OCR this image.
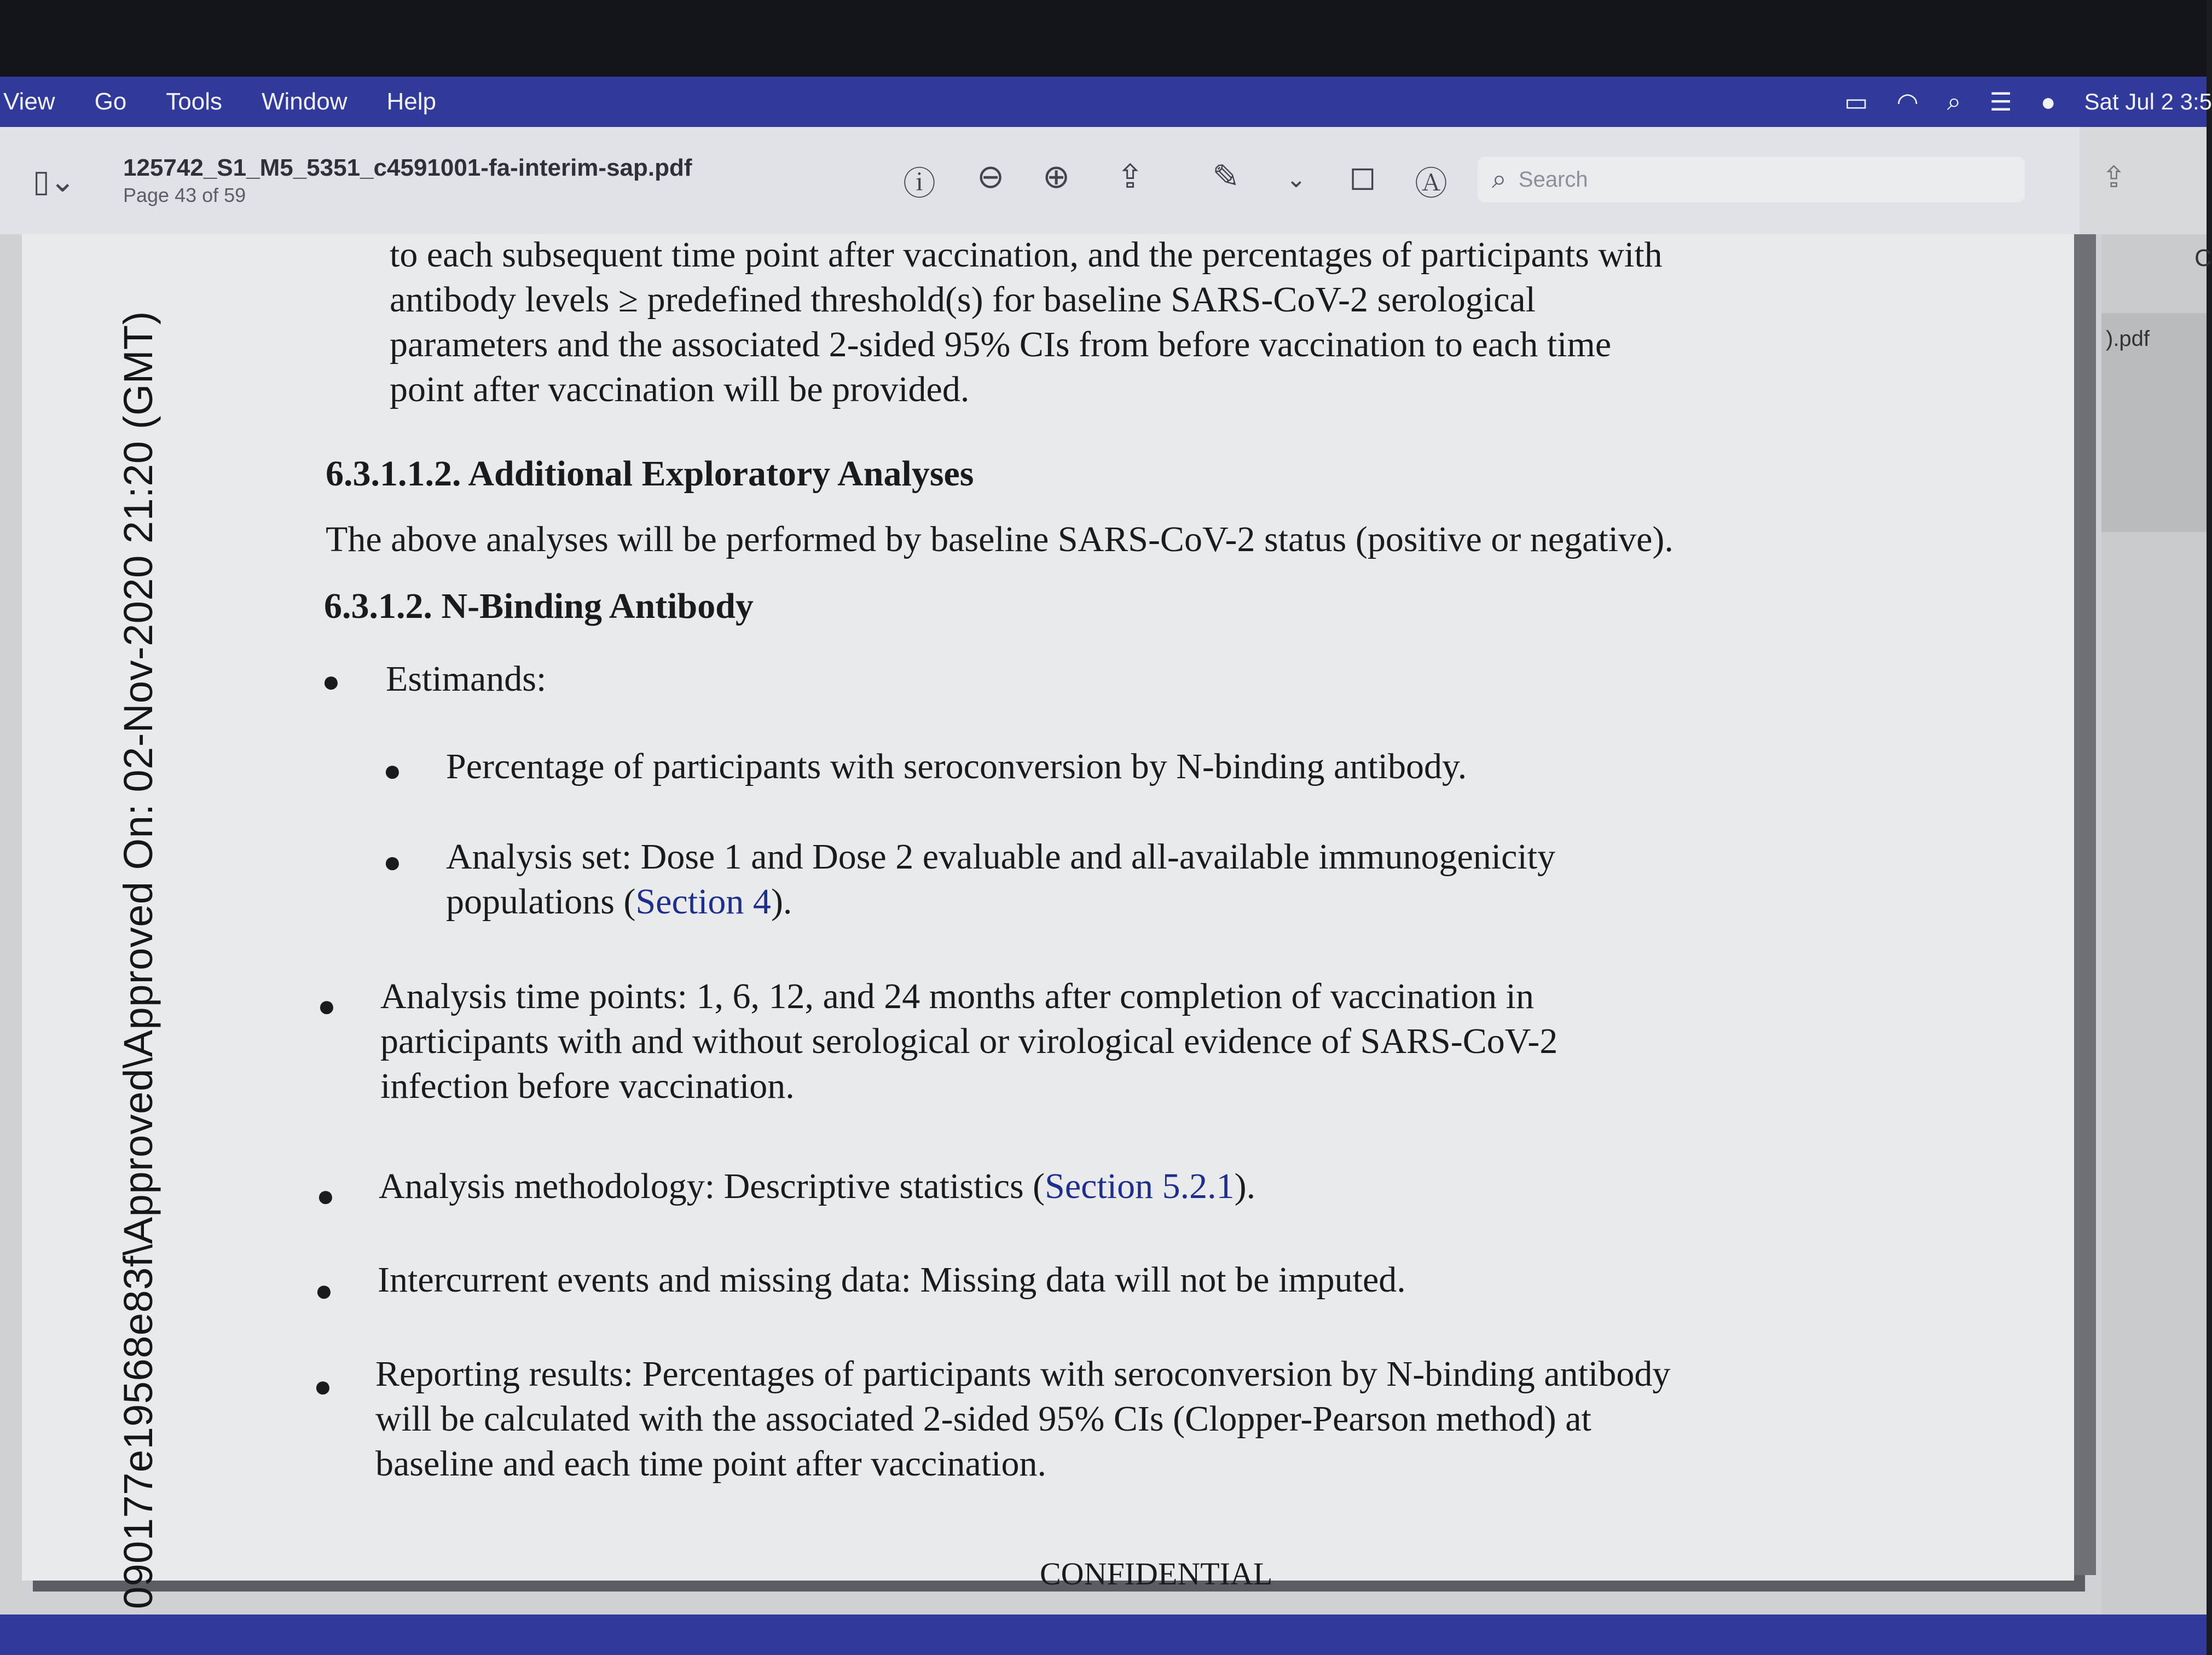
View Go Tools Window Help	▭ ◠ ⌕ ☰ ● Sat Jul 2 3:5
▯⌄ 125742_S1_M5_5351_c4591001-fa-interim-sap.pdf
Page 43 of 59	ⓘ ⊖ ⊕ ⇪ ✎ ⌄ ◻ Ⓐ ⌕
Search	⇪
C
).pdf
090177e19568e83f\Approved\Approved On: 02-Nov-2020 21:20 (GMT)
to each subsequent time point after vaccination, and the percentages of participants with
antibody levels ≥ predefined threshold(s) for baseline SARS-CoV-2 serological
parameters and the associated 2-sided 95% CIs from before vaccination to each time
point after vaccination will be provided.
6.3.1.1.2. Additional Exploratory Analyses
The above analyses will be performed by baseline SARS-CoV-2 status (positive or negative).
6.3.1.2. N-Binding Antibody
● Estimands:
● Percentage of participants with seroconversion by N-binding antibody.
● Analysis set: Dose 1 and Dose 2 evaluable and all-available immunogenicity
populations (Section 4).
● Analysis time points: 1, 6, 12, and 24 months after completion of vaccination in
participants with and without serological or virological evidence of SARS-CoV-2
infection before vaccination.
● Analysis methodology: Descriptive statistics (Section 5.2.1).
● Intercurrent events and missing data: Missing data will not be imputed.
● Reporting results: Percentages of participants with seroconversion by N-binding antibody
will be calculated with the associated 2-sided 95% CIs (Clopper-Pearson method) at
baseline and each time point after vaccination.
CONFIDENTIAL
